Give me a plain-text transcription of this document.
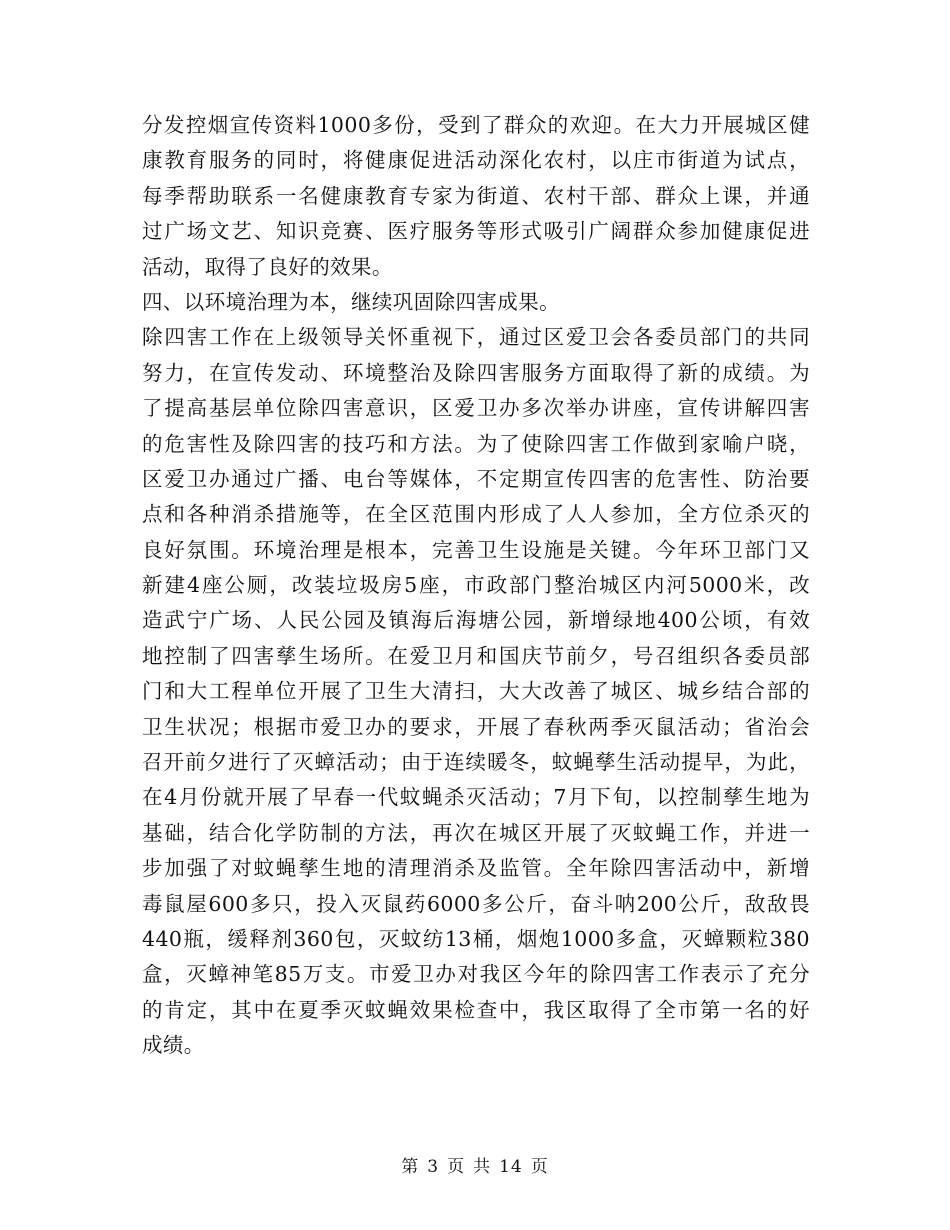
分发控烟宣传资料1000多份，受到了群众的欢迎。在大力开展城区健
康教育服务的同时，将健康促进活动深化农村，以庄市街道为试点，
每季帮助联系一名健康教育专家为街道、农村干部、群众上课，并通
过广场文艺、知识竞赛、医疗服务等形式吸引广阔群众参加健康促进
活动，取得了良好的效果。
四、以环境治理为本，继续巩固除四害成果。
除四害工作在上级领导关怀重视下，通过区爱卫会各委员部门的共同
努力，在宣传发动、环境整治及除四害服务方面取得了新的成绩。为
了提高基层单位除四害意识，区爱卫办多次举办讲座，宣传讲解四害
的危害性及除四害的技巧和方法。为了使除四害工作做到家喻户晓，
区爱卫办通过广播、电台等媒体，不定期宣传四害的危害性、防治要
点和各种消杀措施等，在全区范围内形成了人人参加，全方位杀灭的
良好氛围。环境治理是根本，完善卫生设施是关键。今年环卫部门又
新建4座公厕，改装垃圾房5座，市政部门整治城区内河5000米，改
造武宁广场、人民公园及镇海后海塘公园，新增绿地400公顷，有效
地控制了四害孳生场所。在爱卫月和国庆节前夕，号召组织各委员部
门和大工程单位开展了卫生大清扫，大大改善了城区、城乡结合部的
卫生状况；根据市爱卫办的要求，开展了春秋两季灭鼠活动；省治会
召开前夕进行了灭蟑活动；由于连续暖冬，蚊蝇孳生活动提早，为此，
在4月份就开展了早春一代蚊蝇杀灭活动；7月下旬，以控制孳生地为
基础，结合化学防制的方法，再次在城区开展了灭蚊蝇工作，并进一
步加强了对蚊蝇孳生地的清理消杀及监管。全年除四害活动中，新增
毒鼠屋600多只，投入灭鼠药6000多公斤，奋斗呐200公斤，敌敌畏
440瓶，缓释剂360包，灭蚊纺13桶，烟炮1000多盒，灭蟑颗粒380
盒，灭蟑神笔85万支。市爱卫办对我区今年的除四害工作表示了充分
的肯定，其中在夏季灭蚊蝇效果检查中，我区取得了全市第一名的好
成绩。
第 3 页 共 14 页
